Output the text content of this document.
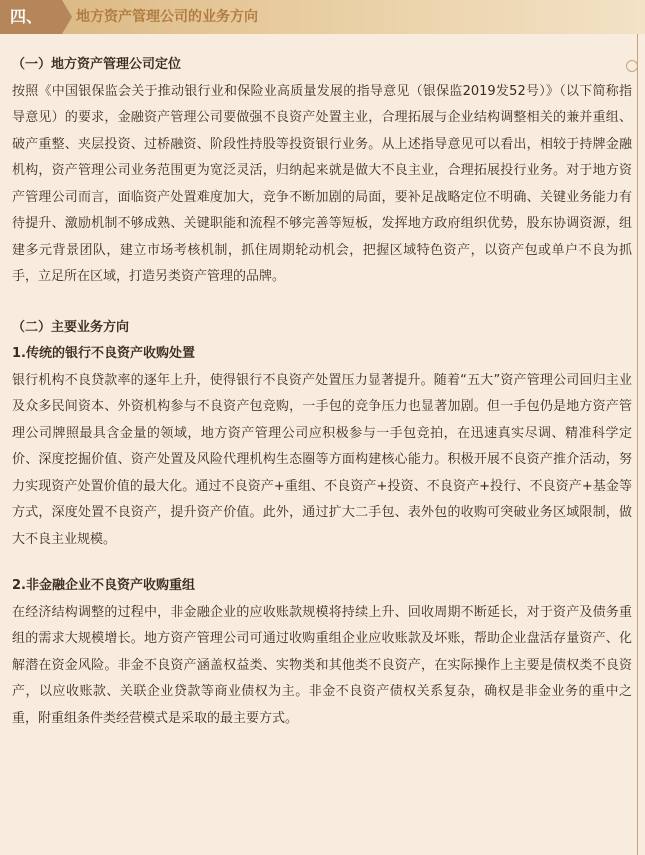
四、	地方资产管理公司的业务方向

（一）地方资产管理公司定位

按照《中国银保监会关于推动银行业和保险业高质量发展的指导意见（银保监2019发52号）》（以下简称指导意见）的要求，金融资产管理公司要做强不良资产处置主业，合理拓展与企业结构调整相关的兼并重组、破产重整、夹层投资、过桥融资、阶段性持股等投资银行业务。从上述指导意见可以看出，相较于持牌金融机构，资产管理公司业务范围更为宽泛灵活，归纳起来就是做大不良主业，合理拓展投行业务。对于地方资产管理公司而言，面临资产处置难度加大，竞争不断加剧的局面，要补足战略定位不明确、关键业务能力有待提升、激励机制不够成熟、关键职能和流程不够完善等短板，发挥地方政府组织优势，股东协调资源，组建多元背景团队，建立市场考核机制，抓住周期轮动机会，把握区域特色资产，以资产包或单户不良为抓手，立足所在区域，打造另类资产管理的品牌。

（二）主要业务方向

1.传统的银行不良资产收购处置

银行机构不良贷款率的逐年上升，使得银行不良资产处置压力显著提升。随着“五大”资产管理公司回归主业及众多民间资本、外资机构参与不良资产包竞购，一手包的竞争压力也显著加剧。但一手包仍是地方资产管理公司牌照最具含金量的领域，地方资产管理公司应积极参与一手包竞拍，在迅速真实尽调、精准科学定价、深度挖掘价值、资产处置及风险代理机构生态圈等方面构建核心能力。积极开展不良资产推介活动，努力实现资产处置价值的最大化。通过不良资产+重组、不良资产+投资、不良资产+投行、不良资产+基金等方式，深度处置不良资产，提升资产价值。此外，通过扩大二手包、表外包的收购可突破业务区域限制，做大不良主业规模。

2.非金融企业不良资产收购重组

在经济结构调整的过程中，非金融企业的应收账款规模将持续上升、回收周期不断延长，对于资产及债务重组的需求大规模增长。地方资产管理公司可通过收购重组企业应收账款及坏账，帮助企业盘活存量资产、化解潜在资金风险。非金不良资产涵盖权益类、实物类和其他类不良资产，在实际操作上主要是债权类不良资产，以应收账款、关联企业贷款等商业债权为主。非金不良资产债权关系复杂，确权是非金业务的重中之重，附重组条件类经营模式是采取的最主要方式。
